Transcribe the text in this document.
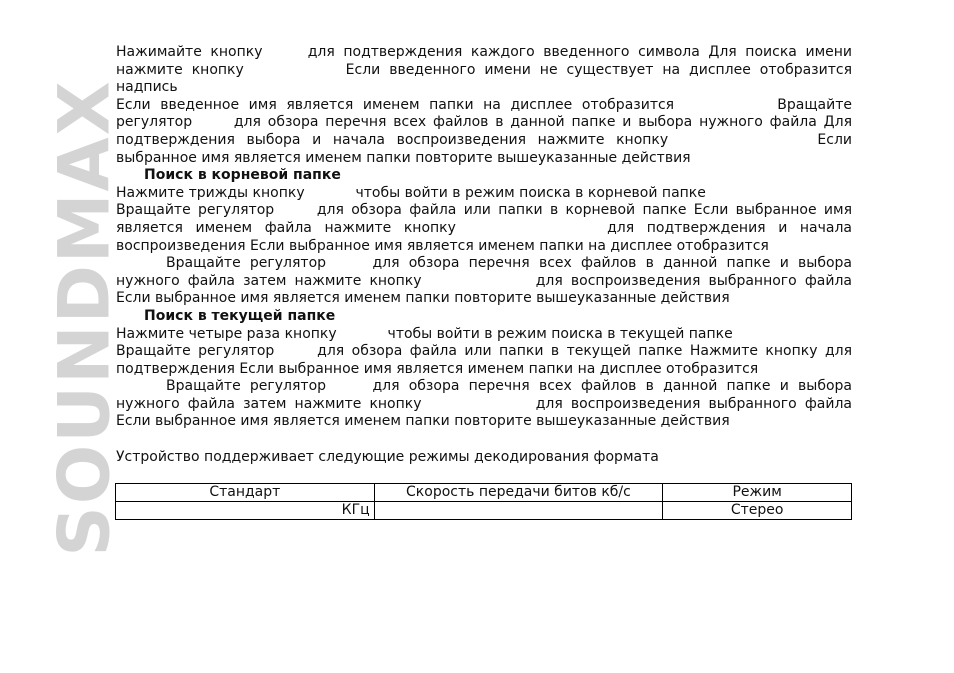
SOUNDMAX

Нажимайте кнопку    для подтверждения каждого введенного символа Для поиска имени нажмите кнопку        Если введенного имени не существует на дисплее отобразится надпись

Если введенное имя является именем папки на дисплее отобразится        Вращайте регулятор    для обзора перечня всех файлов в данной папке и выбора нужного файла Для подтверждения выбора и начала воспроизведения нажмите кнопку           Если выбранное имя является именем папки повторите вышеуказанные действия

Поиск в корневой папке

Нажмите трижды кнопку     чтобы войти в режим поиска в корневой папке

Вращайте регулятор    для обзора файла или папки в корневой папке Если выбранное имя является именем файла нажмите кнопку           для подтверждения и начала воспроизведения Если выбранное имя является именем папки на дисплее отобразится

Вращайте регулятор    для обзора перечня всех файлов в данной папке и выбора нужного файла затем нажмите кнопку         для воспроизведения выбранного файла Если выбранное имя является именем папки повторите вышеуказанные действия

Поиск в текущей папке

Нажмите четыре раза кнопку     чтобы войти в режим поиска в текущей папке

Вращайте регулятор    для обзора файла или папки в текущей папке Нажмите кнопку для подтверждения Если выбранное имя является именем папки на дисплее отобразится

Вращайте регулятор    для обзора перечня всех файлов в данной папке и выбора нужного файла затем нажмите кнопку         для воспроизведения выбранного файла Если выбранное имя является именем папки повторите вышеуказанные действия

Устройство поддерживает следующие режимы декодирования формата

Стандарт	Скорость передачи битов кб/с	Режим
КГц		Стерео
